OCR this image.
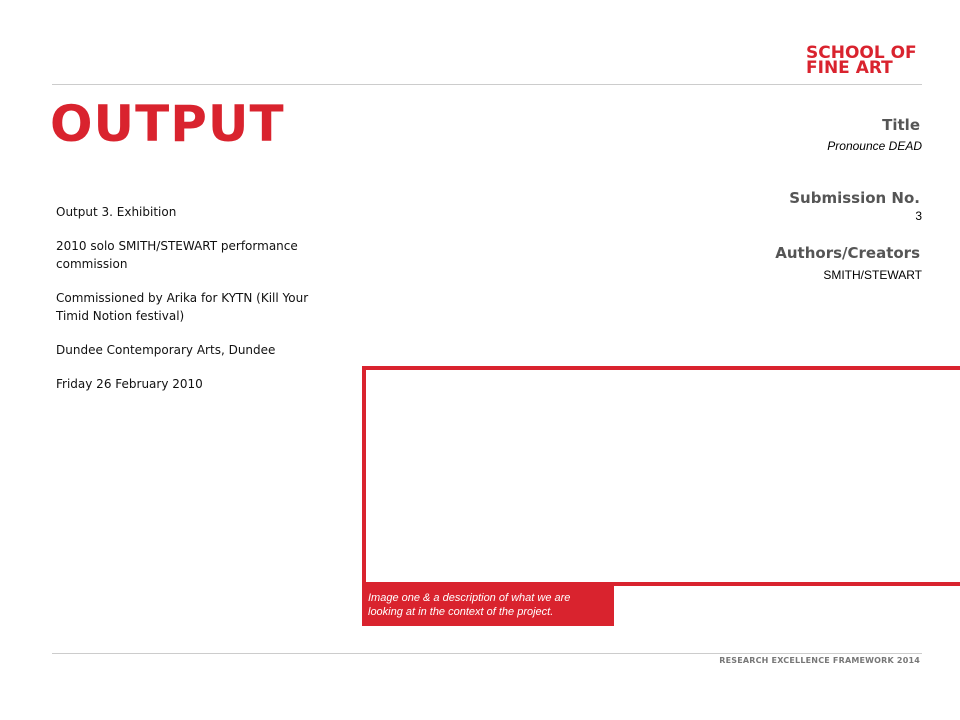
SCHOOL OF
FINE ART
OUTPUT	Title
Pronounce DEAD
Submission No.
3
Authors/Creators
SMITH/STEWART

Output 3. Exhibition

2010 solo SMITH/STEWART performance commission

Commissioned by Arika for KYTN (Kill Your Timid Notion festival)

Dundee Contemporary Arts, Dundee

Friday 26 February 2010

Image one & a description of what we are looking at in the context of the project.
RESEARCH EXCELLENCE FRAMEWORK 2014
